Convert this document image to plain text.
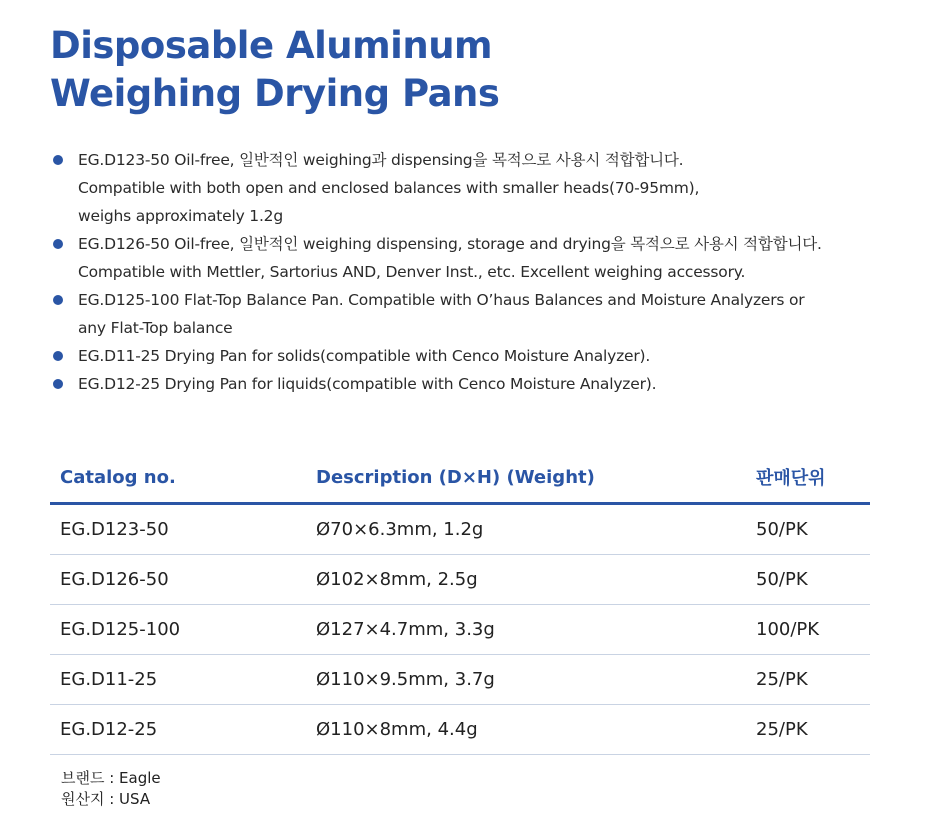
Disposable Aluminum
Weighing Drying Pans
EG.D123-50 Oil-free, 일반적인 weighing과 dispensing을 목적으로 사용시 적합합니다.
Compatible with both open and enclosed balances with smaller heads(70-95mm),
weighs approximately 1.2g
EG.D126-50 Oil-free, 일반적인 weighing dispensing, storage and drying을 목적으로 사용시 적합합니다.
Compatible with Mettler, Sartorius AND, Denver Inst., etc. Excellent weighing accessory.
EG.D125-100 Flat-Top Balance Pan. Compatible with O’haus Balances and Moisture Analyzers or
any Flat-Top balance
EG.D11-25 Drying Pan for solids(compatible with Cenco Moisture Analyzer).
EG.D12-25 Drying Pan for liquids(compatible with Cenco Moisture Analyzer).
Catalog no.	Description (D×H) (Weight)	판매단위
EG.D123-50	Ø70×6.3mm, 1.2g	50/PK
EG.D126-50	Ø102×8mm, 2.5g	50/PK
EG.D125-100	Ø127×4.7mm, 3.3g	100/PK
EG.D11-25	Ø110×9.5mm, 3.7g	25/PK
EG.D12-25	Ø110×8mm, 4.4g	25/PK
브랜드 : Eagle
원산지 : USA
